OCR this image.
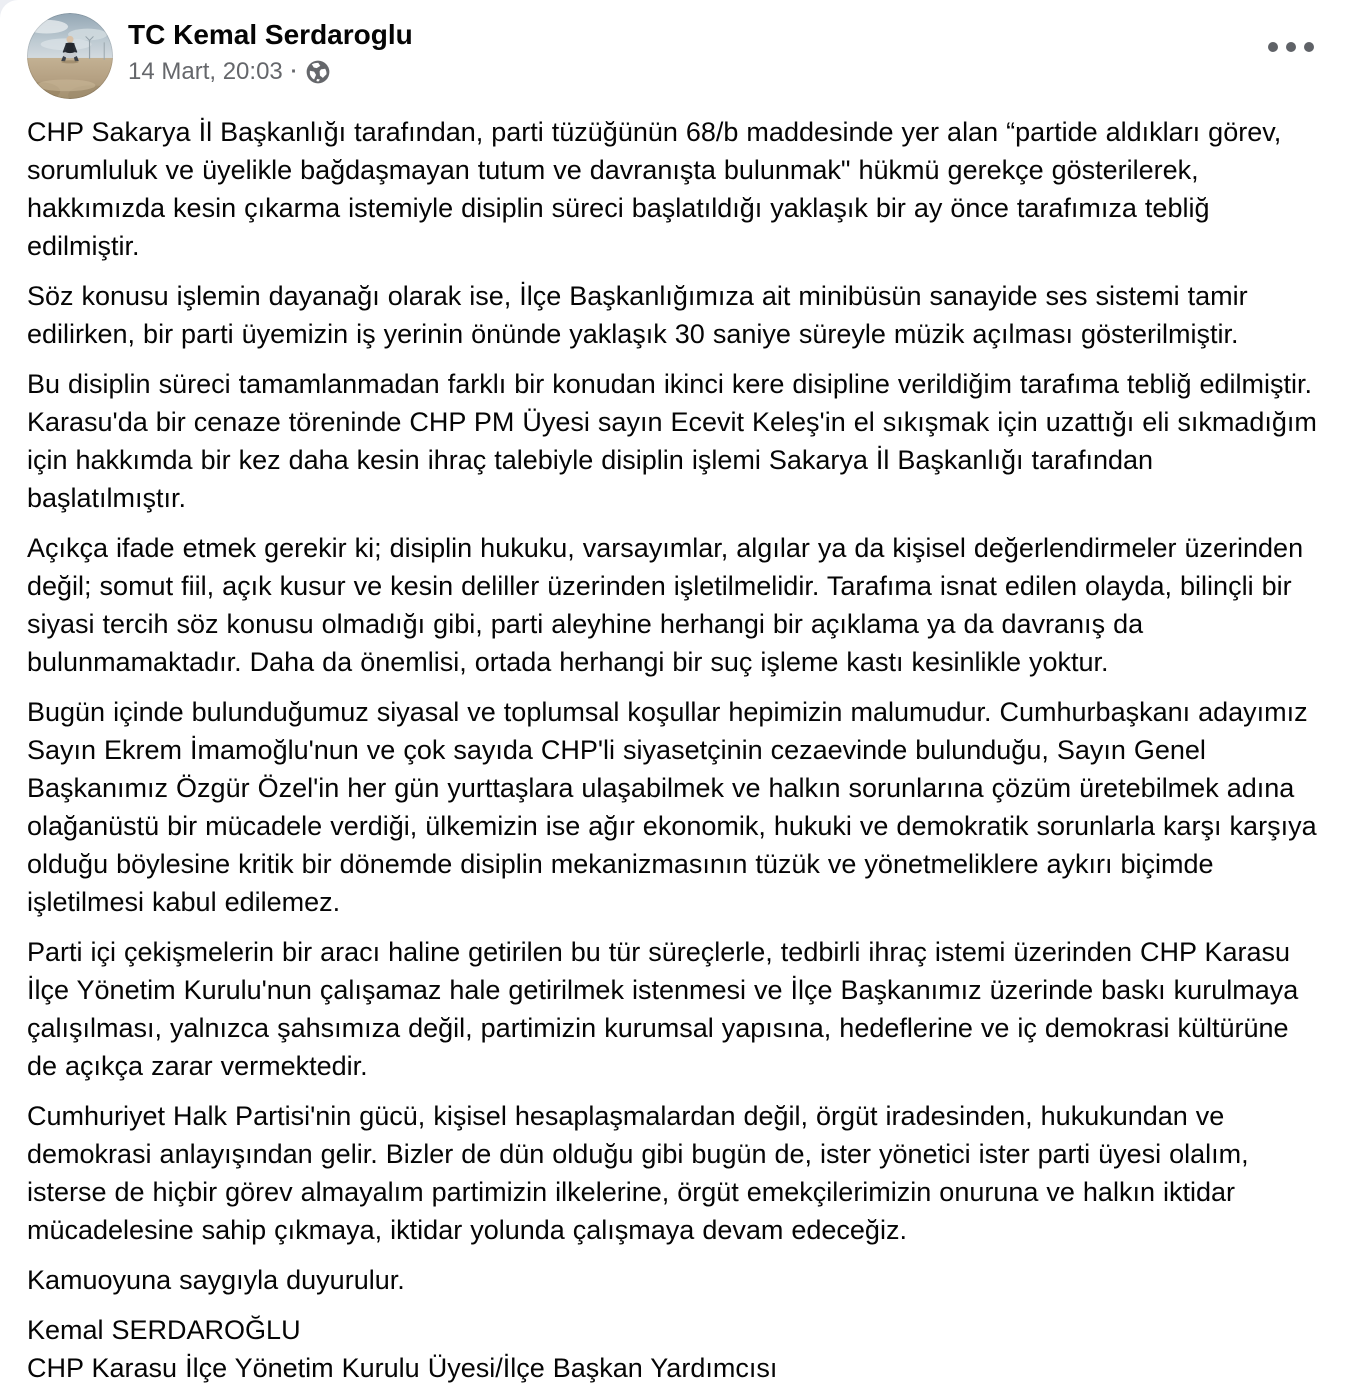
TC Kemal Serdaroglu
14 Mart, 20:03 ·

CHP Sakarya İl Başkanlığı tarafından, parti tüzüğünün 68/b maddesinde yer alan “partide aldıkları görev, sorumluluk ve üyelikle bağdaşmayan tutum ve davranışta bulunmak" hükmü gerekçe gösterilerek, hakkımızda kesin çıkarma istemiyle disiplin süreci başlatıldığı yaklaşık bir ay önce tarafımıza tebliğ edilmiştir.

Söz konusu işlemin dayanağı olarak ise, İlçe Başkanlığımıza ait minibüsün sanayide ses sistemi tamir edilirken, bir parti üyemizin iş yerinin önünde yaklaşık 30 saniye süreyle müzik açılması gösterilmiştir.

Bu disiplin süreci tamamlanmadan farklı bir konudan ikinci kere disipline verildiğim tarafıma tebliğ edilmiştir. Karasu'da bir cenaze töreninde CHP PM Üyesi sayın Ecevit Keleş'in el sıkışmak için uzattığı eli sıkmadığım için hakkımda bir kez daha kesin ihraç talebiyle disiplin işlemi Sakarya İl Başkanlığı tarafından başlatılmıştır.

Açıkça ifade etmek gerekir ki; disiplin hukuku, varsayımlar, algılar ya da kişisel değerlendirmeler üzerinden değil; somut fiil, açık kusur ve kesin deliller üzerinden işletilmelidir. Tarafıma isnat edilen olayda, bilinçli bir siyasi tercih söz konusu olmadığı gibi, parti aleyhine herhangi bir açıklama ya da davranış da bulunmamaktadır. Daha da önemlisi, ortada herhangi bir suç işleme kastı kesinlikle yoktur.

Bugün içinde bulunduğumuz siyasal ve toplumsal koşullar hepimizin malumudur. Cumhurbaşkanı adayımız Sayın Ekrem İmamoğlu'nun ve çok sayıda CHP'li siyasetçinin cezaevinde bulunduğu, Sayın Genel Başkanımız Özgür Özel'in her gün yurttaşlara ulaşabilmek ve halkın sorunlarına çözüm üretebilmek adına olağanüstü bir mücadele verdiği, ülkemizin ise ağır ekonomik, hukuki ve demokratik sorunlarla karşı karşıya olduğu böylesine kritik bir dönemde disiplin mekanizmasının tüzük ve yönetmeliklere aykırı biçimde işletilmesi kabul edilemez.

Parti içi çekişmelerin bir aracı haline getirilen bu tür süreçlerle, tedbirli ihraç istemi üzerinden CHP Karasu İlçe Yönetim Kurulu'nun çalışamaz hale getirilmek istenmesi ve İlçe Başkanımız üzerinde baskı kurulmaya çalışılması, yalnızca şahsımıza değil, partimizin kurumsal yapısına, hedeflerine ve iç demokrasi kültürüne de açıkça zarar vermektedir.

Cumhuriyet Halk Partisi'nin gücü, kişisel hesaplaşmalardan değil, örgüt iradesinden, hukukundan ve demokrasi anlayışından gelir. Bizler de dün olduğu gibi bugün de, ister yönetici ister parti üyesi olalım, isterse de hiçbir görev almayalım partimizin ilkelerine, örgüt emekçilerimizin onuruna ve halkın iktidar mücadelesine sahip çıkmaya, iktidar yolunda çalışmaya devam edeceğiz.

Kamuoyuna saygıyla duyurulur.

Kemal SERDAROĞLU
CHP Karasu İlçe Yönetim Kurulu Üyesi/İlçe Başkan Yardımcısı
